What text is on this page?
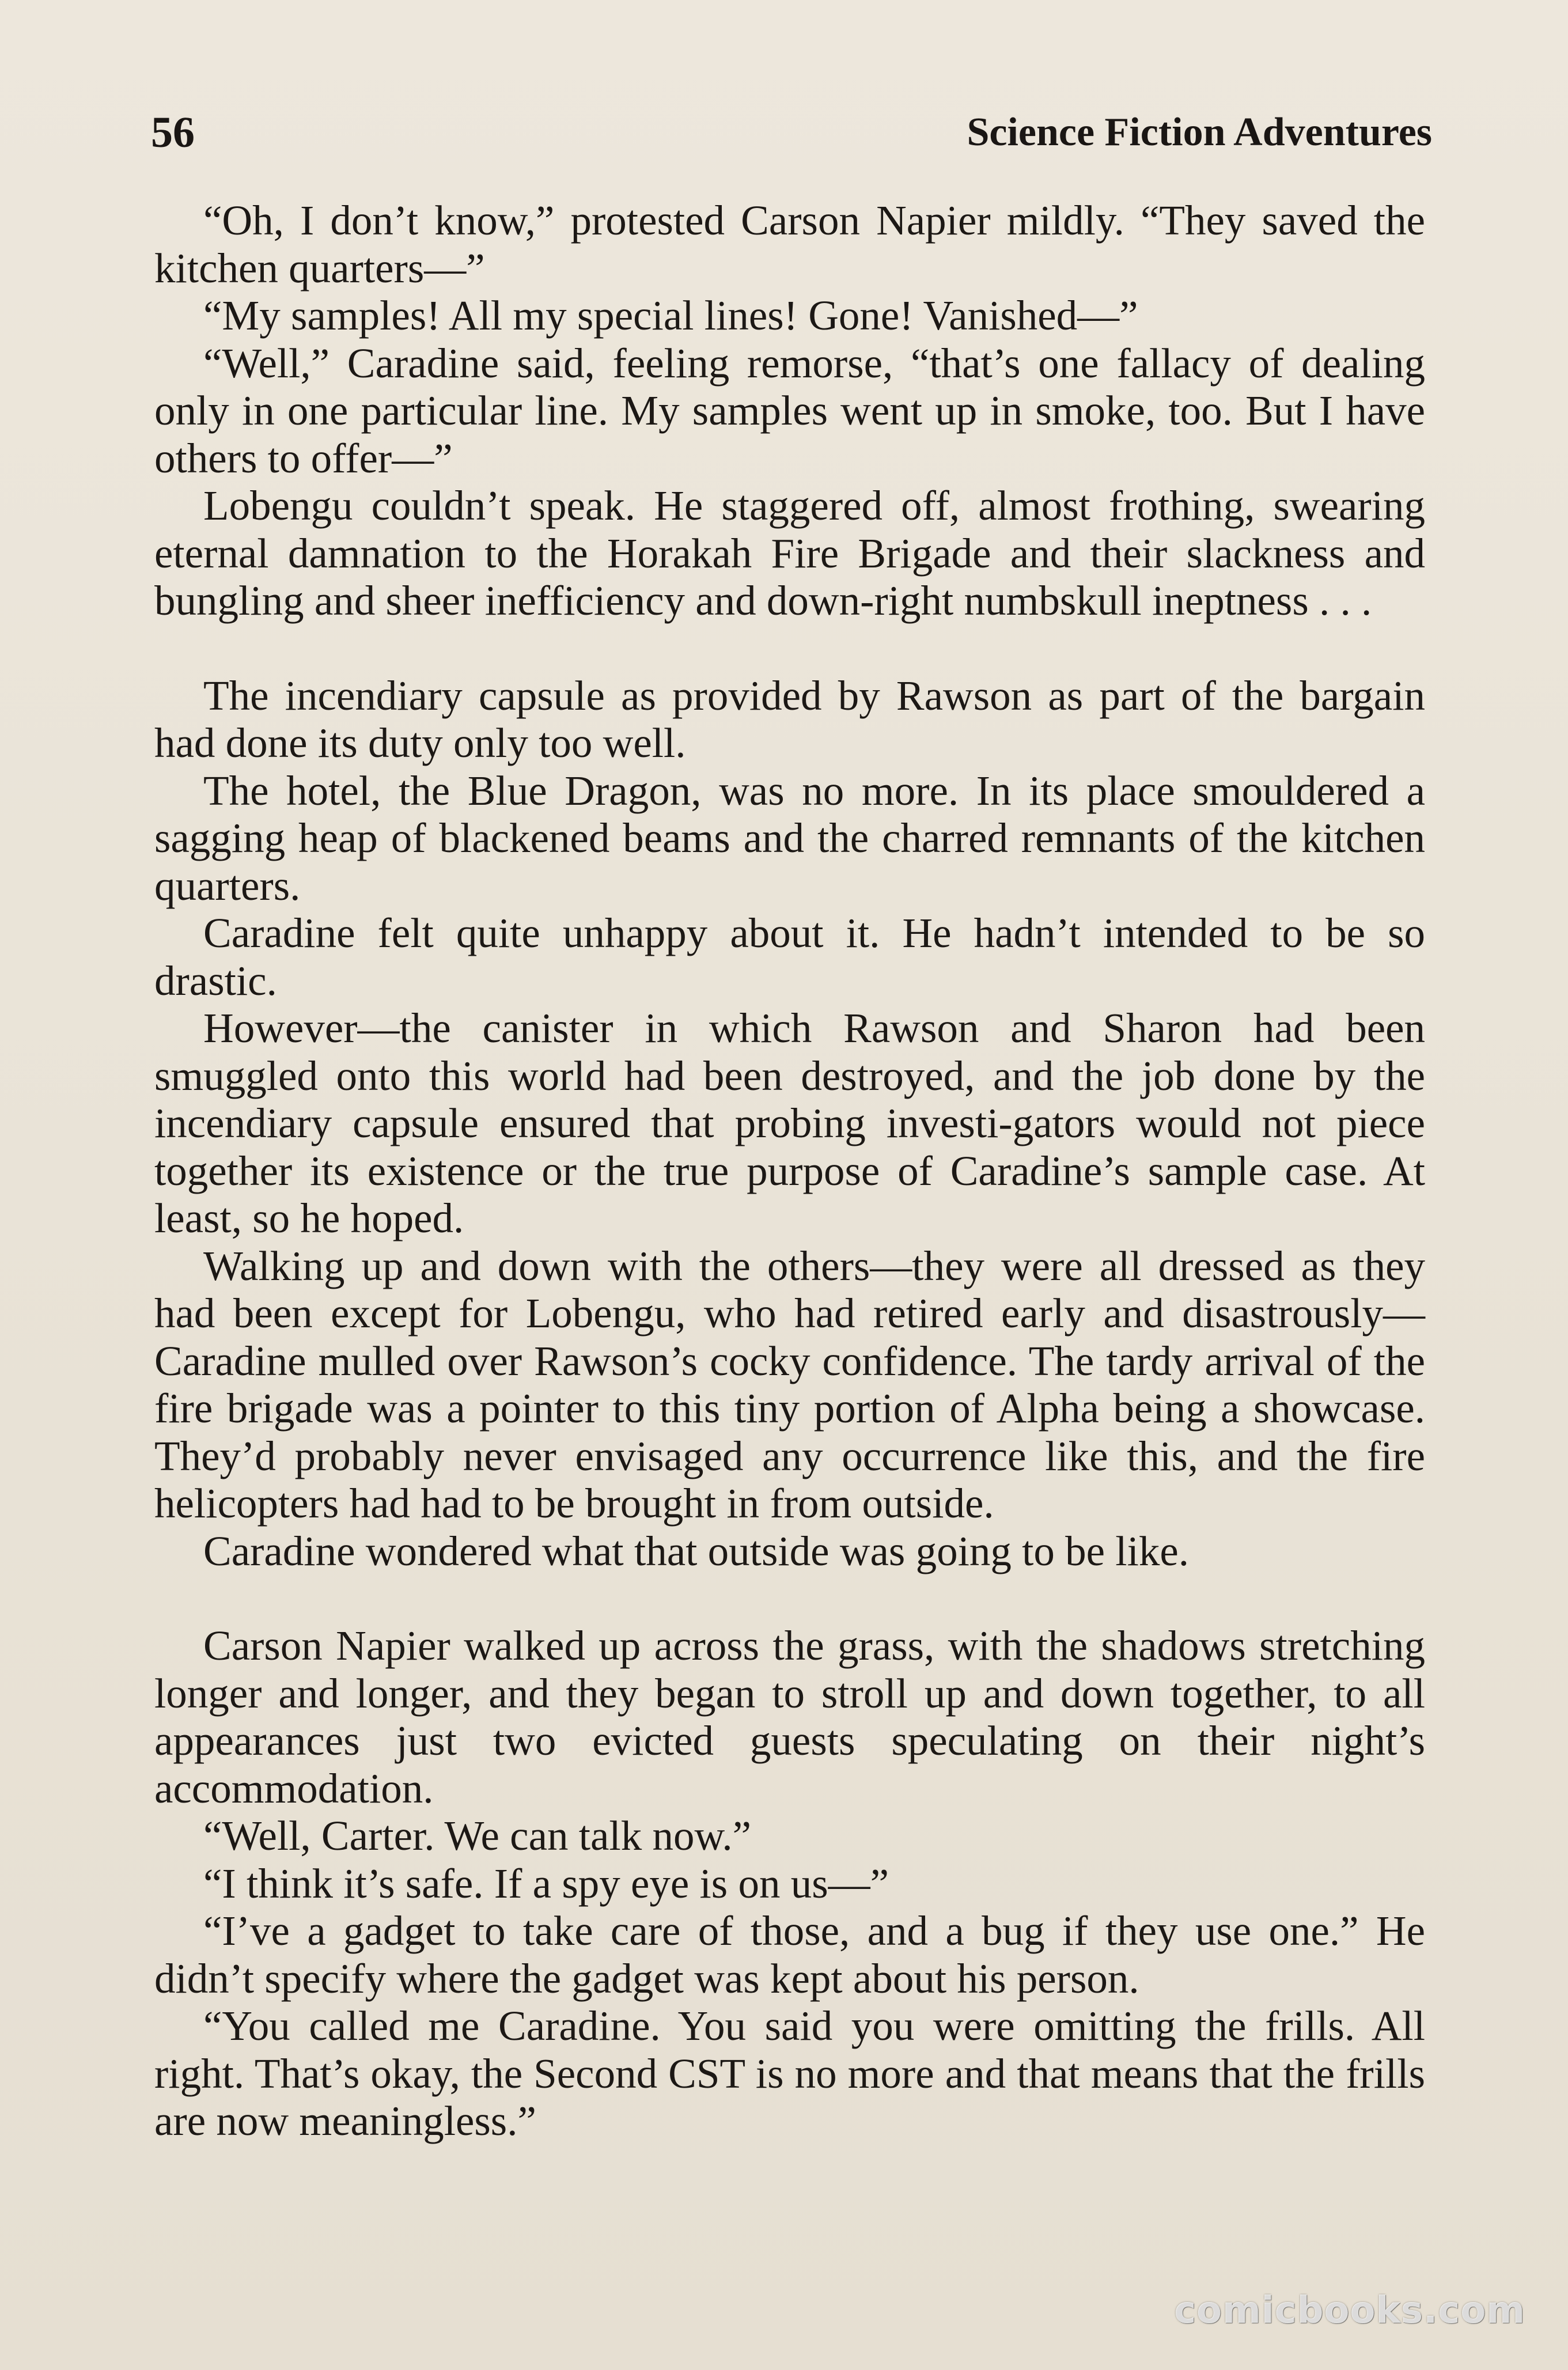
56	Science Fiction Adventures

“Oh, I don’t know,” protested Carson Napier mildly. “They saved the kitchen quarters—”

“My samples! All my special lines! Gone! Vanished—”

“Well,” Caradine said, feeling remorse, “that’s one fallacy of dealing only in one particular line. My samples went up in smoke, too. But I have others to offer—”

Lobengu couldn’t speak. He staggered off, almost frothing, swearing eternal damnation to the Horakah Fire Brigade and their slackness and bungling and sheer inefficiency and down-right numbskull ineptness . . .

The incendiary capsule as provided by Rawson as part of the bargain had done its duty only too well.

The hotel, the Blue Dragon, was no more. In its place smouldered a sagging heap of blackened beams and the charred remnants of the kitchen quarters.

Caradine felt quite unhappy about it. He hadn’t intended to be so drastic.

However—the canister in which Rawson and Sharon had been smuggled onto this world had been destroyed, and the job done by the incendiary capsule ensured that probing investi-gators would not piece together its existence or the true purpose of Caradine’s sample case. At least, so he hoped.

Walking up and down with the others—they were all dressed as they had been except for Lobengu, who had retired early and disastrously—Caradine mulled over Rawson’s cocky confidence. The tardy arrival of the fire brigade was a pointer to this tiny portion of Alpha being a showcase. They’d probably never envisaged any occurrence like this, and the fire helicopters had had to be brought in from outside.

Caradine wondered what that outside was going to be like.

Carson Napier walked up across the grass, with the shadows stretching longer and longer, and they began to stroll up and down together, to all appearances just two evicted guests speculating on their night’s accommodation.

“Well, Carter. We can talk now.”

“I think it’s safe. If a spy eye is on us—”

“I’ve a gadget to take care of those, and a bug if they use one.” He didn’t specify where the gadget was kept about his person.

“You called me Caradine. You said you were omitting the frills. All right. That’s okay, the Second CST is no more and that means that the frills are now meaningless.”

comicbooks.com
